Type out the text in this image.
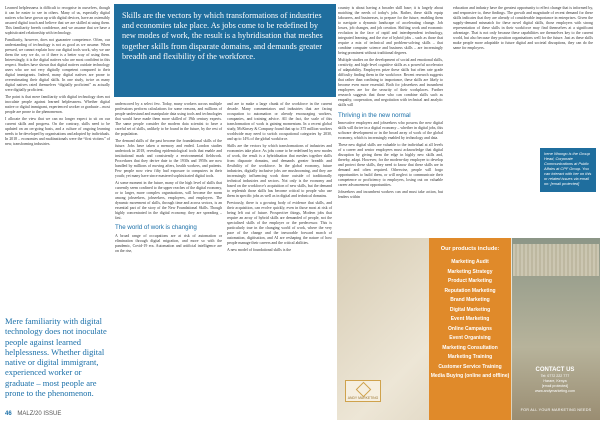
Learned helplessness is difficult to recognise in ourselves, though it can be easier to see in others. Many of us, especially digital natives who have grown up with digital devices, have an ostensibly assured digital touch and believe that we are skilled at using them. This familiarity breeds confidence, and we assume that we have a sophisticated relationship with technology.

Familiarity, however, does not guarantee competence. Often, our understanding of technology is not as good as we assume. When pressed, we cannot explain how our digital tools work, why we use them the way we do, or if there is a better way of using them. Interestingly, it is the digital natives who are most confident in this respect. Studies have shown that digital natives outdate technology users who are not very digitally competent compared to their digital immigrants. Indeed, many digital natives are prone to overestimating their digital skills. In one study, twice as many digital natives rated themselves “digitally proficient” as actually were digitally proficient.

The point is that mere familiarity with digital technology does not inoculate people against learned helplessness. Whether digital native or digital immigrant, experienced worker or graduate – most people are prone to the phenomenon.

I allocate the view that we can no longer expect to sit on our current skills and progress. On the contrary, skills need to be updated on an on-going basis, and a culture of ongoing learning needs to be developed by organisations and adopted by individuals. In 2018 – economies and multinationals were the “first victims” of new, transforming industries.

Skills are the vectors by which transformations of industries and economies take place. As jobs come to be redefined by new modes of work, the result is a hybridisation that meshes together skills from disparate domains, and demands greater breadth and flexibility of the workforce.
Mere familiarity with digital technology does not inoculate people against learned helplessness. Whether digital native or digital immigrant, experienced worker or graduate – most people are prone to the phenomenon.

underscored by a select few. Today, many workers across multiple professions perform calculations for some reasons, and millions of people understand and manipulate data using tools and technologies that would have made them more skilled of 19th century experts. The same people consider the modern data scientist to have a careful set of skills, unlikely to be found in the future, by the rest of the population.

The demand skills of the past become the foundational skills of the future. Jobs have taken a memory and ended. London studies undertook in 2018, revealing epidemiological tools that enable and institutional mark and consistently a environmental fieldwork. Procedures that they derive date to the 1930s and 1950s are now handled by millions of moving afters, health workers, and patients. Few people now view fifty had exposure to computers in their youth; yet many have since mastered sophisticated digital tools.

At some moment in the future, many of the high level of skills that currently seem confined to the upper reaches of the digital economy, or to larger, more complex organisations, will become the norm among jobseekers, jobseekers, employees, and employers. The dynamic movement of skills, through time and across sectors, is an essential part of the story of the New Foundational Skills. Though highly concentrated in the digital economy, they are spreading – fast.

The world of work is changing

A broad range of occupations are at risk of automation or elimination through digital migration, and more so with the pandemic, Covid-19 era. Automation and artificial intelligence are on the rise,

and are to make a large chunk of the workforce in the current decade. Many commentators and industries that are facing occupation to automation or already encouraging workers, companies, and training advice. All the fact, the scale of this transformation of work is gaining momentum. In a recent global study, McKinsey & Company found that up to 375 million workers worldwide may need to switch occupational categories by 2030, and up to 14% of the global workforce.

Skills are the vectors by which transformations of industries and economies take place. As jobs come to be redefined by new modes of work, the result is a hybridisation that meshes together skills from disparate domains, and demands greater breadth and flexibility of the workforce. In the global economy, future industries, digitally inclusive jobs are mushrooming, and they are increasingly influencing work done outside of traditionally technical industries and sectors. Not only is the economy and based on the workforce's acquisition of new skills, but the demand to replenish those skills has become critical to people who use them in specific jobs as well as in digital and technical domains.

Previously, there is a growing body of evidence that skills, and their acquisition, can evolve quickly, even in those most at risk of being left out of future. Prospective things, Modern jobs that require an array of hybrid skills are demanded of people, not the specialised skills of the employer or the predecessor. This is particularly true in the changing world of work, where the very pace of the change and the inexorable forward march of automation, digitisation, and AI are reshaping the nature of how people manage their careers and the critical abilities.

A new model of foundational skills is the

country is about having a broader skill base; it is largely about matching the needs of today's jobs. Rather, these skills equip labourers, and businesses, to prepare for the future, enabling them to navigate a dynamic landscape of accelerating change. Job losses, job changes, and job creation. Shifting work and economic evolution in the face of rapid and interdependent technology, integrated learning, and the rise of hybrid jobs – such as those that require a mix of technical and problem-solving skills – that combine computer science and business skills – are increasingly being prominent without traditional degrees.

Multiple studies on the development of social and emotional skills, creativity, and high-level cognitive skills as a powerful accelerator of adaptability. Employers prize these skills but often rate grade difficulty finding them in the workforce. Recent research suggests that rather than confining to importance, these skills are likely to become even more essential. Both for jobseekers and incumbent employees are for the security of their workplaces. Further research suggests that those who can combine skills such as empathy, cooperation, and negotiation with technical and analytic skills will

Thriving in the new normal

Innovative employers and jobseekers who possess the new digital skills will thrive in a digital economy – whether in digital jobs, this software development or in the broad array of work of the global economy, which is increasingly enabled by technology and data.

These new digital skills are valuable to the individual at all levels of a career and senior employees must acknowledge that digital disruption by giving them the edge in highly new skills and, thereby, adapt. However, for the modern-day employee to develop and protect these skills, they need to know that these skills are in demand and often required. Otherwise, people will forgo opportunities to build them, or will neglect to communicate their competence or proficiency to employers, losing out on valuable career advancement opportunities.

Jobseekers and incumbent workers can and must take action, but leaders within

education and industry have the greatest opportunity to effect change that is informed by, and responsive to, these findings. The growth and magnitude of recent demand for these skills indicates that they are already of considerable importance in enterprises. Given the supply-demand mismatch for these novel digital skills, those employers with strong representation of these skills in their workforce may find themselves at a significant advantage. That is not only because these capabilities are themselves key to the current world, but also because they position organisations well for the future. Just as these skills make people more adaptable to future digital and societal disruptions, they can do the same for employers.

Irene Nhongo is the Group Head, Corporate Communications at Public Affairs at CPF Group. You can interact with her on this or related issues via email on: [email protected]
Our products include:
Marketing Audit
Marketing Strategy
Product Marketing
Reputation Marketing
Brand Marketing
Digital Marketing
Event Marketing
Online Campaigns
Event Organising
Marketing Consultation
Marketing Training
Customer Service Training
Media Buying (online and offline)
CONTACT US
Tel: 0772 222 777
Harare, Kenya
[email protected]
www.andymarketing.com
ANDY MARKETING
FOR ALL YOUR MARKETING NEEDS
46 MALZ/20 ISSUE
